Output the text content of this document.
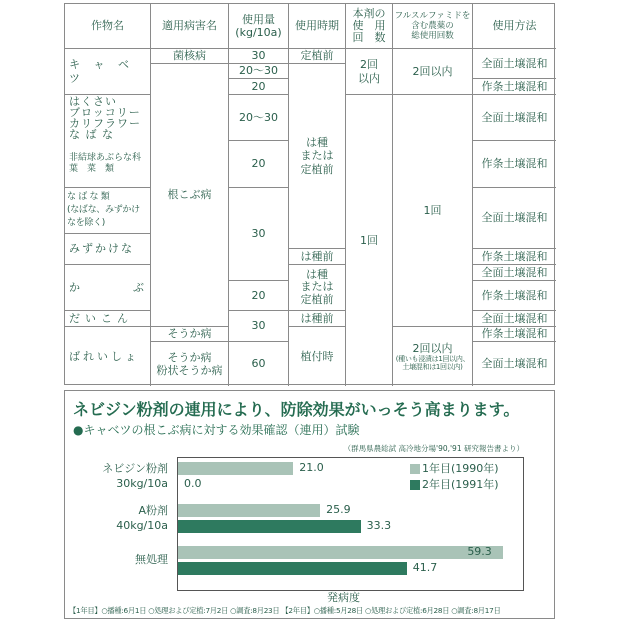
作物名	適用病害名
使用量
(kg/10a)
使用時期
本剤の
使　用
回　数
フルスルファミドを
含む農薬の
総使用回数
使用方法
キ ャ ベ ツ
はくさい
ブロッコリー
カリフラワー
な ば な
非結球あぶらな科
葉　菜　類
な ば な 類
(なばな、みずかけ
なを除く)
みずかけな
か　　　ぶ
だいこん
ばれいしょ
菌核病
根こぶ病
そうか病
そうか病
粉状そうか病
30
20～30
20
20～30
20
30
20
30
60
定植前
は種
または
定植前
は種前
は種
または
定植前
は種前
植付時
2回
以内
1回
2回以内
1回
2回以内
(種いも浸漬は1回以内、
土壌混和は1回以内)
全面土壌混和
作条土壌混和
全面土壌混和
作条土壌混和
全面土壌混和
作条土壌混和
全面土壌混和
作条土壌混和
全面土壌混和
作条土壌混和
全面土壌混和
ネビジン粉剤の連用により、防除効果がいっそう高まります。
●キャベツの根こぶ病に対する効果確認（連用）試験
（群馬県農総試 高冷地分場'90,'91 研究報告書より）
ネビジン粉剤
30kg/10a
A粉剤
40kg/10a
無処理
1年目(1990年)
2年目(1991年)
21.0
0.0
25.9
33.3
59.3
41.7
発病度
【1年目】○播種:6月1日 ○処理および定植:7月2日 ○調査:8月23日 【2年目】○播種:5月28日 ○処理および定植:6月28日 ○調査:8月17日
